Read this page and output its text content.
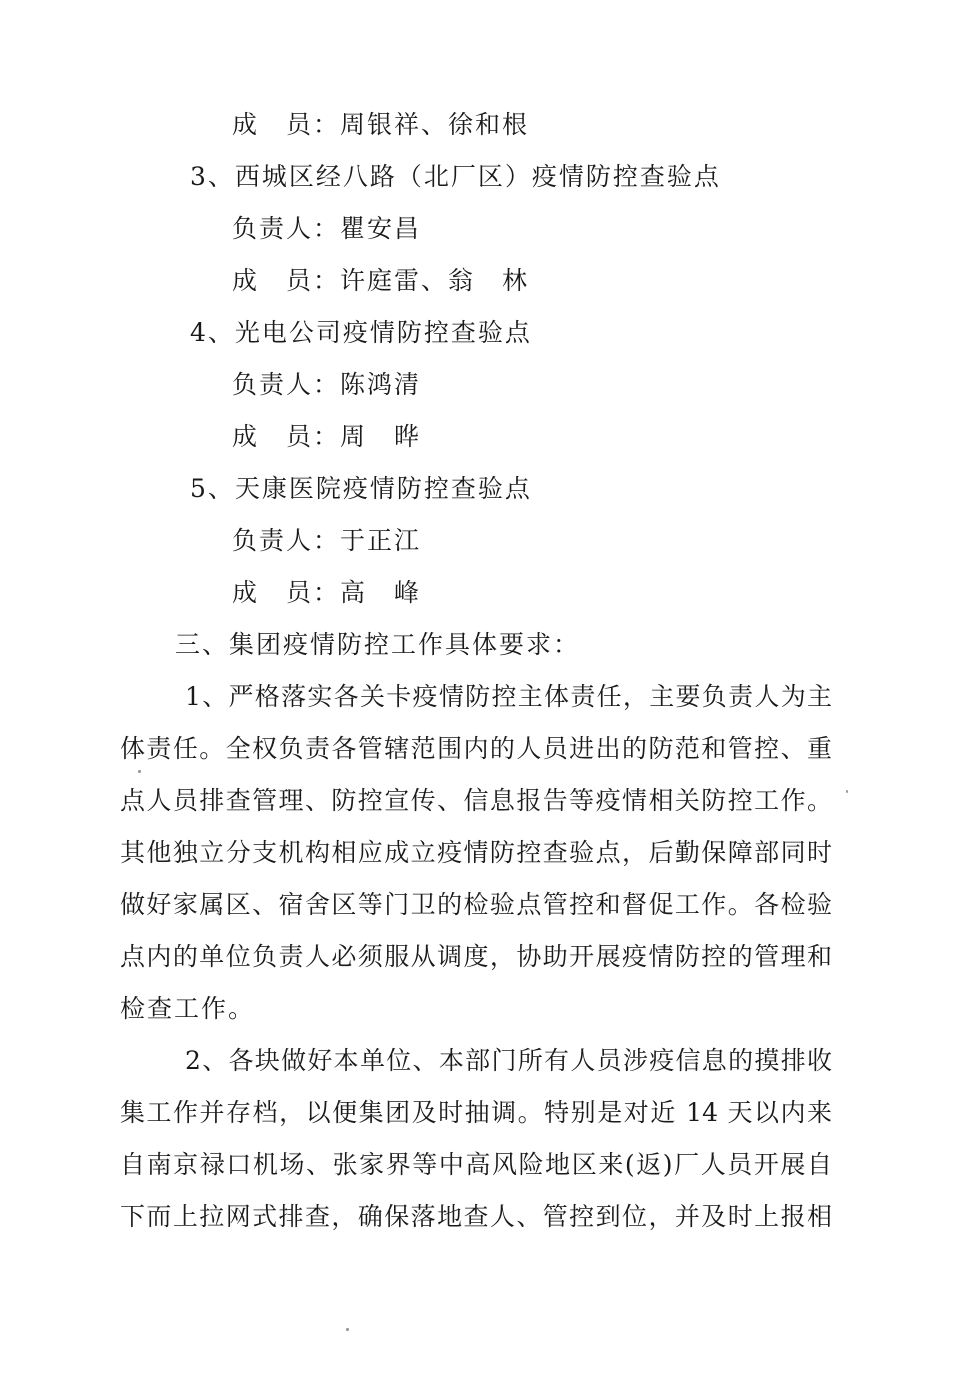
成　员：周银祥、徐和根
3、西城区经八路（北厂区）疫情防控查验点
负责人：瞿安昌
成　员：许庭雷、翁　林
4、光电公司疫情防控查验点
负责人：陈鸿清
成　员：周　晔
5、天康医院疫情防控查验点
负责人：于正江
成　员：高　峰
三、集团疫情防控工作具体要求：
1、严格落实各关卡疫情防控主体责任，主要负责人为主
体责任。全权负责各管辖范围内的人员进出的防范和管控、重
点人员排查管理、防控宣传、信息报告等疫情相关防控工作。
其他独立分支机构相应成立疫情防控查验点，后勤保障部同时
做好家属区、宿舍区等门卫的检验点管控和督促工作。各检验
点内的单位负责人必须服从调度，协助开展疫情防控的管理和
检查工作。
2、各块做好本单位、本部门所有人员涉疫信息的摸排收
集工作并存档，以便集团及时抽调。特别是对近 14 天以内来
自南京禄口机场、张家界等中高风险地区来(返)厂人员开展自
下而上拉网式排查，确保落地查人、管控到位，并及时上报相
